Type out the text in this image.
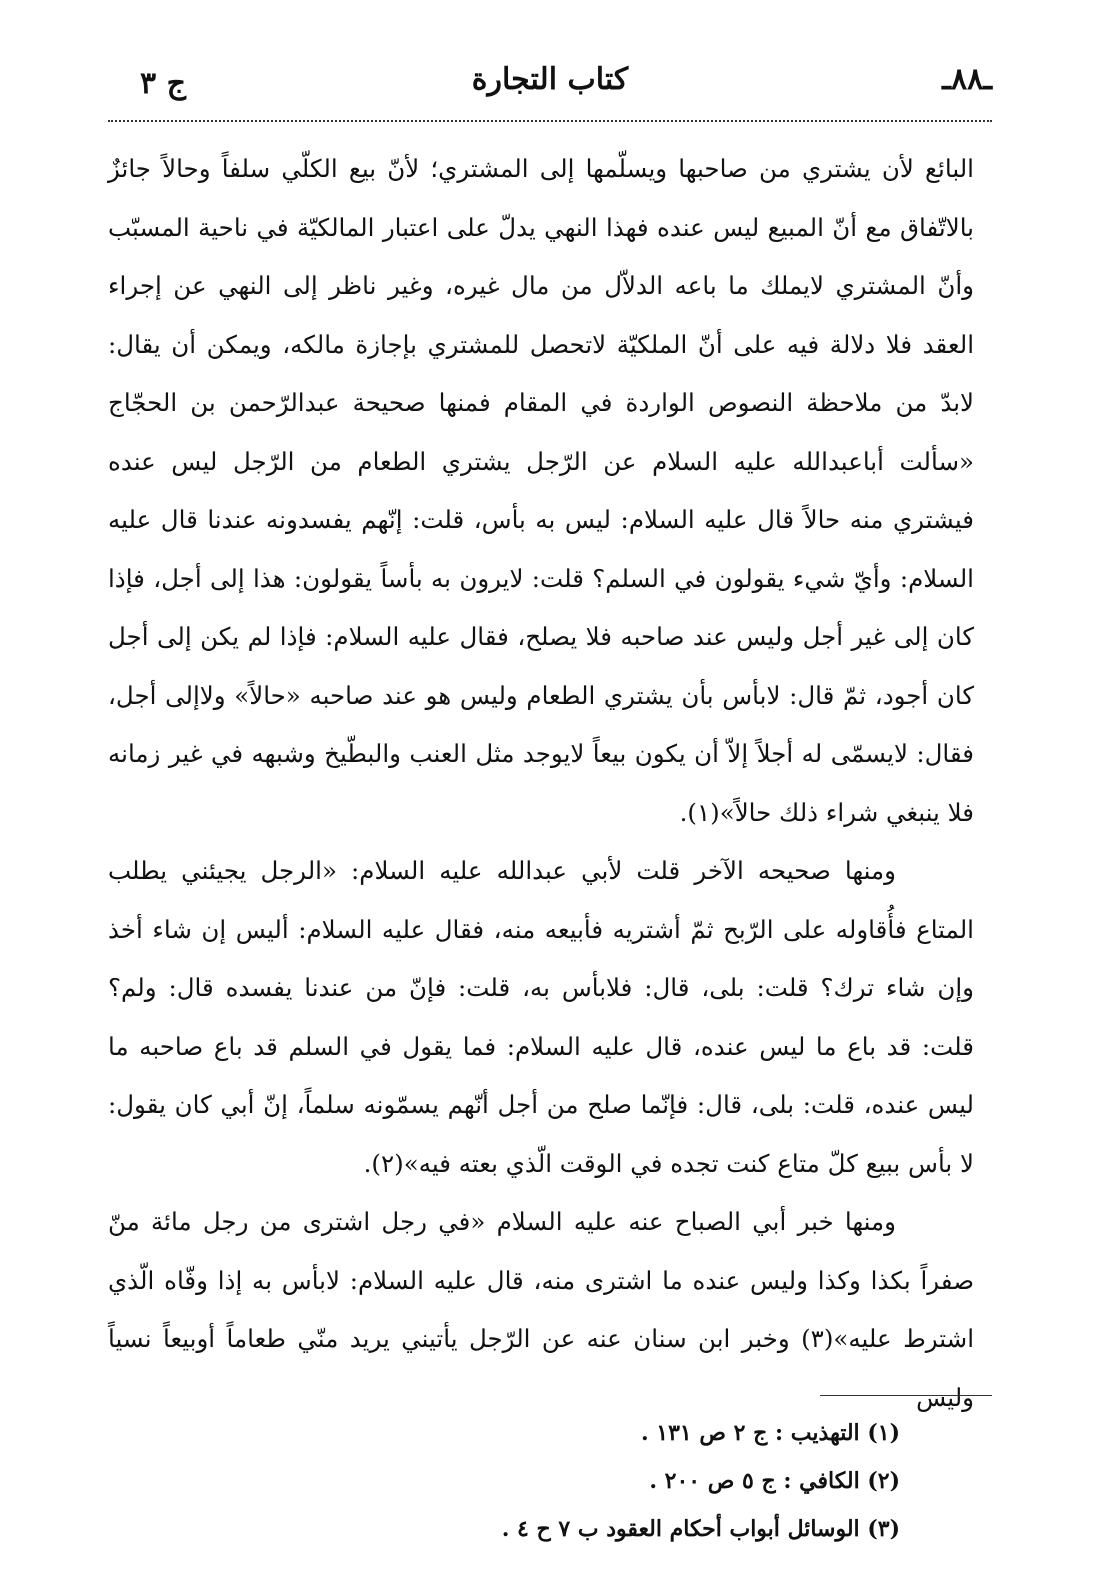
ـ٨٨ـ
كتاب التجارة
ج ٣

البائع لأن يشتري من صاحبها ويسلّمها إلى المشتري؛ لأنّ بيع الكلّي سلفاً وحالاً جائزٌ بالاتّفاق مع أنّ المبيع ليس عنده فهذا النهي يدلّ على اعتبار المالكيّة في ناحية المسبّب وأنّ المشتري لايملك ما باعه الدلاّل من مال غيره، وغير ناظر إلى النهي عن إجراء العقد فلا دلالة فيه على أنّ الملكيّة لاتحصل للمشتري بإجازة مالكه، ويمكن أن يقال: لابدّ من ملاحظة النصوص الواردة في المقام فمنها صحيحة عبدالرّحمن بن الحجّاج «سألت أباعبدالله عليه السلام عن الرّجل يشتري الطعام من الرّجل ليس عنده فيشتري منه حالاً قال عليه السلام: ليس به بأس، قلت: إنّهم يفسدونه عندنا قال عليه السلام: وأيّ شيء يقولون في السلم؟ قلت: لايرون به بأساً يقولون: هذا إلى أجل، فإذا كان إلى غير أجل وليس عند صاحبه فلا يصلح، فقال عليه السلام: فإذا لم يكن إلى أجل كان أجود، ثمّ قال: لابأس بأن يشتري الطعام وليس هو عند صاحبه «حالاً» ولاإلى أجل، فقال: لايسمّى له أجلاً إلاّ أن يكون بيعاً لايوجد مثل العنب والبطّيخ وشبهه في غير زمانه فلا ينبغي شراء ذلك حالاً»(١).

ومنها صحيحه الآخر قلت لأبي عبدالله عليه السلام: «الرجل يجيئني يطلب المتاع فأُقاوله على الرّبح ثمّ أشتريه فأبيعه منه، فقال عليه السلام: أليس إن شاء أخذ وإن شاء ترك؟ قلت: بلى، قال: فلابأس به، قلت: فإنّ من عندنا يفسده قال: ولم؟ قلت: قد باع ما ليس عنده، قال عليه السلام: فما يقول في السلم قد باع صاحبه ما ليس عنده، قلت: بلى، قال: فإنّما صلح من أجل أنّهم يسمّونه سلماً، إنّ أبي كان يقول: لا بأس ببيع كلّ متاع كنت تجده في الوقت الّذي بعته فيه»(٢).

ومنها خبر أبي الصباح عنه عليه السلام «في رجل اشترى من رجل مائة منّ صفراً بكذا وكذا وليس عنده ما اشترى منه، قال عليه السلام: لابأس به إذا وفّاه الّذي اشترط عليه»(٣) وخبر ابن سنان عنه عن الرّجل يأتيني يريد منّي طعاماً أوبيعاً نسياً وليس

(١) التهذيب : ج ٢ ص ١٣١ .
(٢) الكافي : ج ٥ ص ٢٠٠ .
(٣) الوسائل أبواب أحكام العقود ب ٧ ح ٤ .
